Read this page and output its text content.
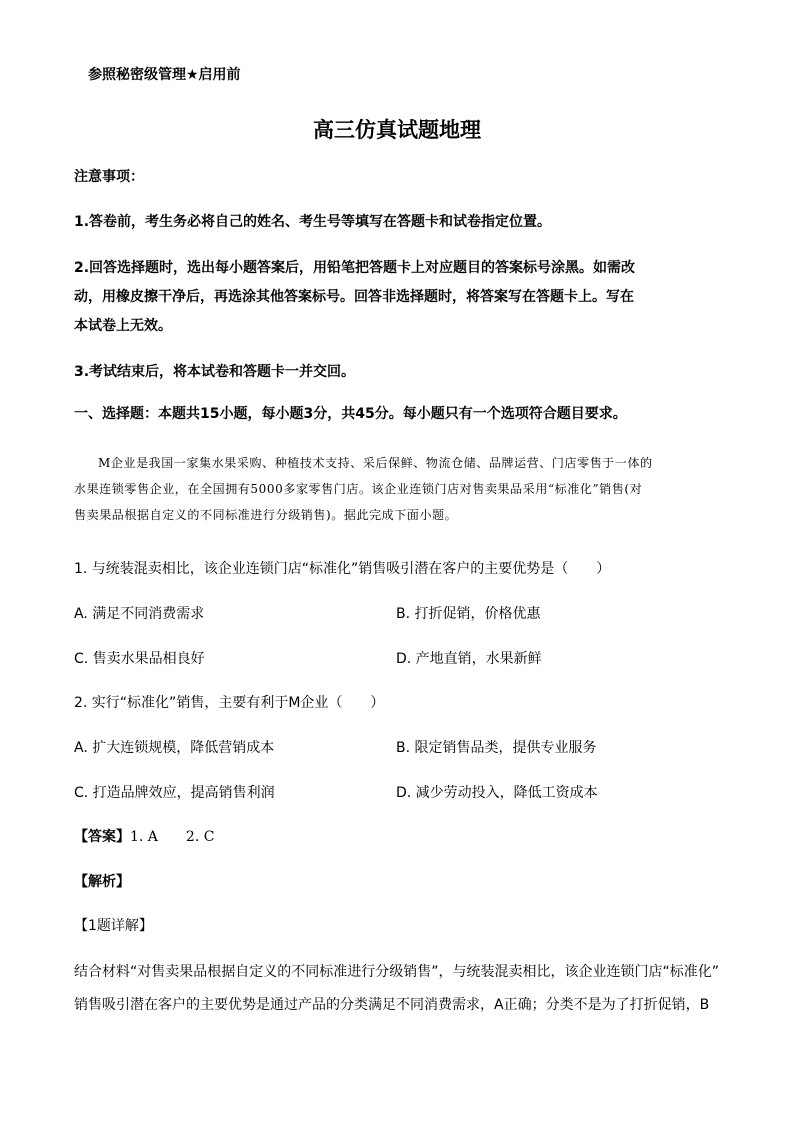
参照秘密级管理★启用前
高三仿真试题地理
注意事项：
1.答卷前，考生务必将自己的姓名、考生号等填写在答题卡和试卷指定位置。
2.回答选择题时，选出每小题答案后，用铅笔把答题卡上对应题目的答案标号涂黑。如需改
动，用橡皮擦干净后，再选涂其他答案标号。回答非选择题时，将答案写在答题卡上。写在
本试卷上无效。
3.考试结束后，将本试卷和答题卡一并交回。
一、选择题：本题共15小题，每小题3分，共45分。每小题只有一个选项符合题目要求。
M企业是我国一家集水果采购、种植技术支持、采后保鲜、物流仓储、品牌运营、门店零售于一体的
水果连锁零售企业，在全国拥有5000多家零售门店。该企业连锁门店对售卖果品采用“标准化”销售(对
售卖果品根据自定义的不同标准进行分级销售)。据此完成下面小题。
1. 与统装混卖相比，该企业连锁门店“标准化”销售吸引潜在客户的主要优势是（　　）
A. 满足不同消费需求	B. 打折促销，价格优惠
C. 售卖水果品相良好	D. 产地直销，水果新鲜
2. 实行“标准化”销售，主要有利于M企业（　　）
A. 扩大连锁规模，降低营销成本	B. 限定销售品类，提供专业服务
C. 打造品牌效应，提高销售利润	D. 减少劳动投入，降低工资成本
【答案】1. A　　2. C
【解析】
【1题详解】
结合材料“对售卖果品根据自定义的不同标准进行分级销售”，与统装混卖相比，该企业连锁门店“标准化”
销售吸引潜在客户的主要优势是通过产品的分类满足不同消费需求，A正确；分类不是为了打折促销，B
